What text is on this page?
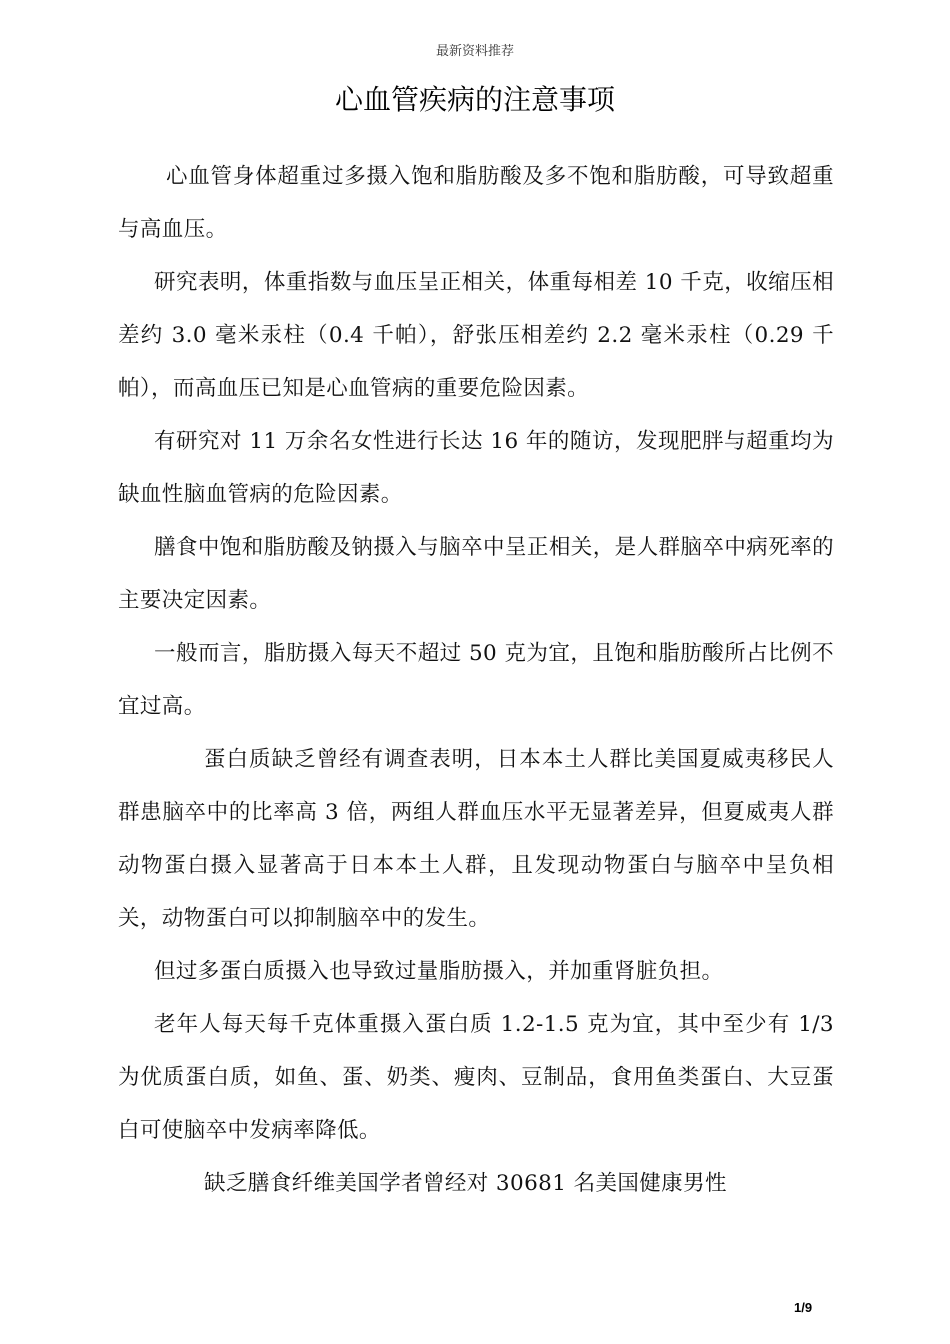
最新资料推荐
心血管疾病的注意事项

心血管身体超重过多摄入饱和脂肪酸及多不饱和脂肪酸，可导致超重与高血压。

研究表明，体重指数与血压呈正相关，体重每相差 10 千克，收缩压相差约 3.0 毫米汞柱（0.4 千帕），舒张压相差约 2.2 毫米汞柱（0.29 千帕），而高血压已知是心血管病的重要危险因素。

有研究对 11 万余名女性进行长达 16 年的随访，发现肥胖与超重均为缺血性脑血管病的危险因素。

膳食中饱和脂肪酸及钠摄入与脑卒中呈正相关，是人群脑卒中病死率的主要决定因素。

一般而言，脂肪摄入每天不超过 50 克为宜，且饱和脂肪酸所占比例不宜过高。

蛋白质缺乏曾经有调查表明，日本本土人群比美国夏威夷移民人群患脑卒中的比率高 3 倍，两组人群血压水平无显著差异，但夏威夷人群动物蛋白摄入显著高于日本本土人群，且发现动物蛋白与脑卒中呈负相关，动物蛋白可以抑制脑卒中的发生。

但过多蛋白质摄入也导致过量脂肪摄入，并加重肾脏负担。

老年人每天每千克体重摄入蛋白质 1.2-1.5 克为宜，其中至少有 1/3 为优质蛋白质，如鱼、蛋、奶类、瘦肉、豆制品，食用鱼类蛋白、大豆蛋白可使脑卒中发病率降低。

缺乏膳食纤维美国学者曾经对 30681 名美国健康男性

1/9
